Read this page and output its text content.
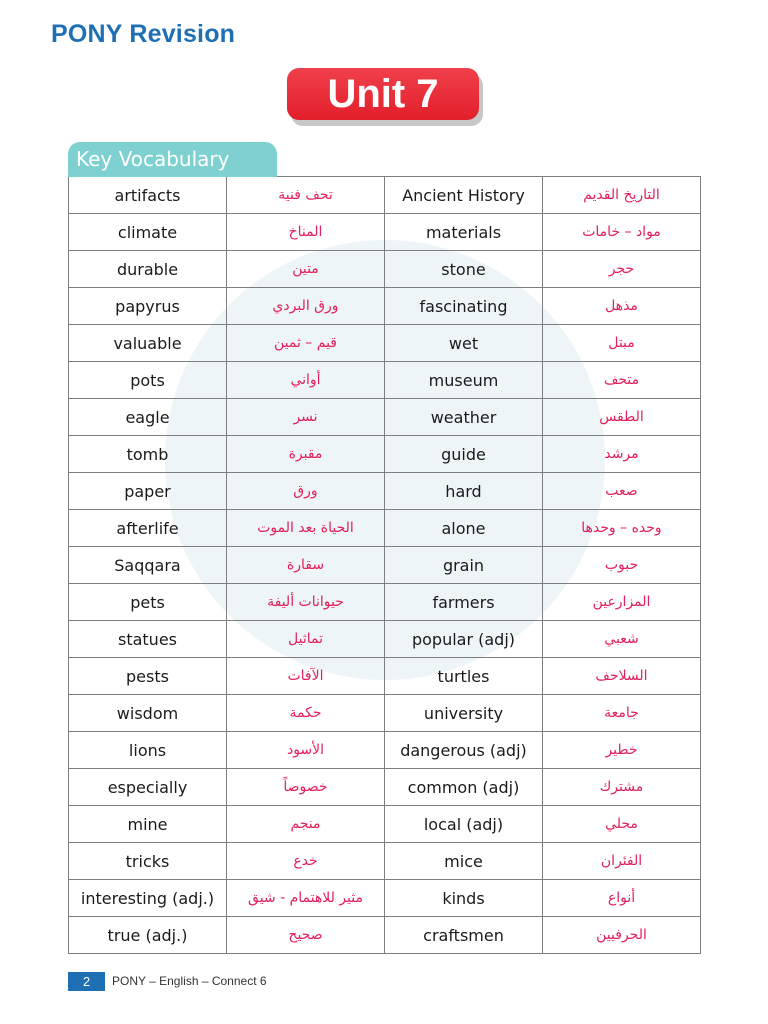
PONY Revision
Unit 7
Key Vocabulary
artifacts	تحف فنية	Ancient History	التاريخ القديم
climate	المناخ	materials	مواد – خامات
durable	متين	stone	حجر
papyrus	ورق البردي	fascinating	مذهل
valuable	قيم – ثمين	wet	مبتل
pots	أواني	museum	متحف
eagle	نسر	weather	الطقس
tomb	مقبرة	guide	مرشد
paper	ورق	hard	صعب
afterlife	الحياة بعد الموت	alone	وحده – وحدها
Saqqara	سقارة	grain	حبوب
pets	حيوانات أليفة	farmers	المزارعين
statues	تماثيل	popular (adj)	شعبي
pests	الآفات	turtles	السلاحف
wisdom	حكمة	university	جامعة
lions	الأسود	dangerous (adj)	خطير
especially	خصوصاً	common (adj)	مشترك
mine	منجم	local (adj)	محلي
tricks	خدع	mice	الفئران
interesting (adj.)	مثير للاهتمام - شيق	kinds	أنواع
true (adj.)	صحيح	craftsmen	الحرفيين
2 PONY – English – Connect 6
